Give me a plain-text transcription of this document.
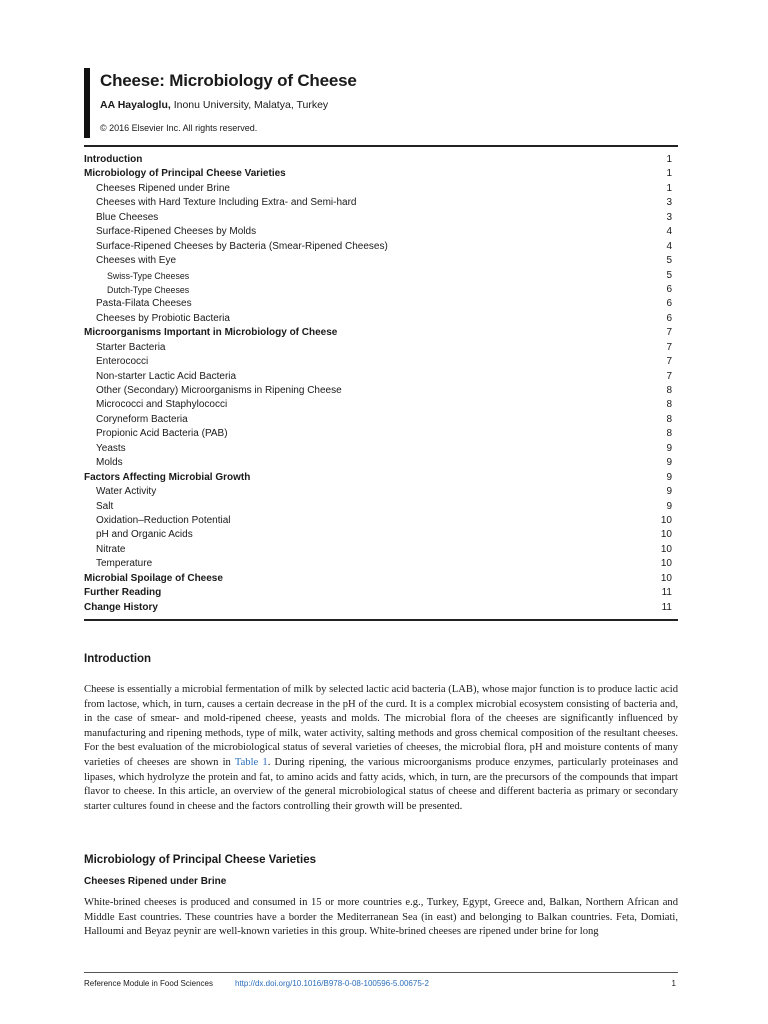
Cheese: Microbiology of Cheese
AA Hayaloglu, Inonu University, Malatya, Turkey
© 2016 Elsevier Inc. All rights reserved.
Introduction	1
Microbiology of Principal Cheese Varieties	1
Cheeses Ripened under Brine	1
Cheeses with Hard Texture Including Extra- and Semi-hard	3
Blue Cheeses	3
Surface-Ripened Cheeses by Molds	4
Surface-Ripened Cheeses by Bacteria (Smear-Ripened Cheeses)	4
Cheeses with Eye	5
Swiss-Type Cheeses	5
Dutch-Type Cheeses	6
Pasta-Filata Cheeses	6
Cheeses by Probiotic Bacteria	6
Microorganisms Important in Microbiology of Cheese	7
Starter Bacteria	7
Enterococci	7
Non-starter Lactic Acid Bacteria	7
Other (Secondary) Microorganisms in Ripening Cheese	8
Micrococci and Staphylococci	8
Coryneform Bacteria	8
Propionic Acid Bacteria (PAB)	8
Yeasts	9
Molds	9
Factors Affecting Microbial Growth	9
Water Activity	9
Salt	9
Oxidation–Reduction Potential	10
pH and Organic Acids	10
Nitrate	10
Temperature	10
Microbial Spoilage of Cheese	10
Further Reading	11
Change History	11
Introduction

Cheese is essentially a microbial fermentation of milk by selected lactic acid bacteria (LAB), whose major function is to produce lactic acid from lactose, which, in turn, causes a certain decrease in the pH of the curd. It is a complex microbial ecosystem consisting of bacteria and, in the case of smear- and mold-ripened cheese, yeasts and molds. The microbial flora of the cheeses are significantly influenced by manufacturing and ripening methods, type of milk, water activity, salting methods and gross chemical composition of the resultant cheeses. For the best evaluation of the microbiological status of several varieties of cheeses, the microbial flora, pH and moisture contents of many varieties of cheeses are shown in Table 1. During ripening, the various microorganisms produce enzymes, particularly proteinases and lipases, which hydrolyze the protein and fat, to amino acids and fatty acids, which, in turn, are the precursors of the compounds that impart flavor to cheese. In this article, an overview of the general microbiological status of cheese and different bacteria as primary or secondary starter cultures found in cheese and the factors controlling their growth will be presented.

Microbiology of Principal Cheese Varieties
Cheeses Ripened under Brine

White-brined cheeses is produced and consumed in 15 or more countries e.g., Turkey, Egypt, Greece and, Balkan, Northern African and Middle East countries. These countries have a border the Mediterranean Sea (in east) and belonging to Balkan countries. Feta, Domiati, Halloumi and Beyaz peynir are well-known varieties in this group. White-brined cheeses are ripened under brine for long

Reference Module in Food Sciences	http://dx.doi.org/10.1016/B978-0-08-100596-5.00675-2	1
